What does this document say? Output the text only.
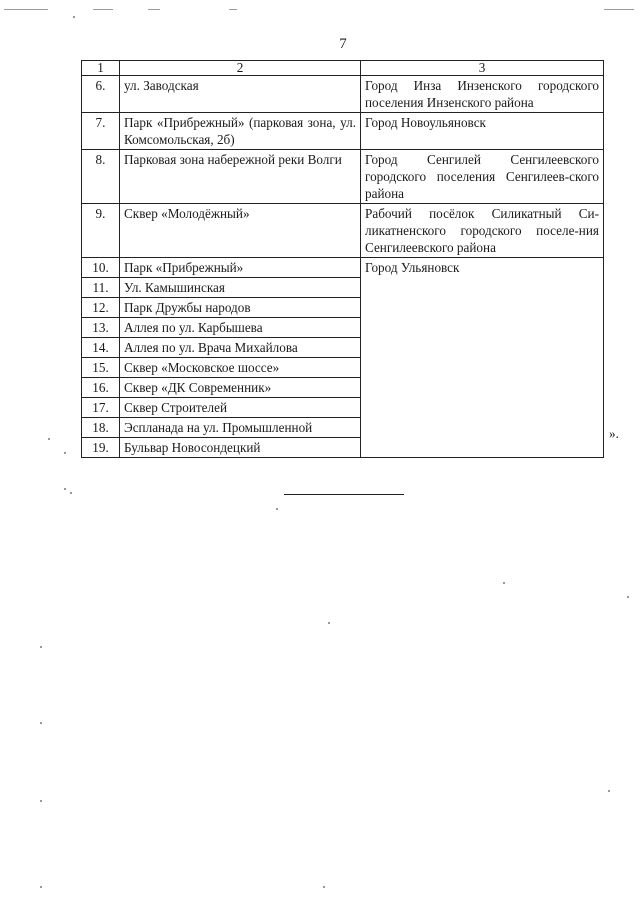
7
1	2	3
6.	ул. Заводская	Город Инза Инзенского городского поселения Инзенского района
7.	Парк «Прибрежный» (парковая зона, ул. Комсомольская, 2б)	Город Новоульяновск
8.	Парковая зона набережной реки Волги	Город Сенгилей Сенгилеевского городского поселения Сенгилеев-ского района
9.	Сквер «Молодёжный»	Рабочий посёлок Силикатный Си-ликатненского городского поселе-ния Сенгилеевского района
10.	Парк «Прибрежный»	Город Ульяновск
11.	Ул. Камышинская	
12.	Парк Дружбы народов	
13.	Аллея по ул. Карбышева	
14.	Аллея по ул. Врача Михайлова	
15.	Сквер «Московское шоссе»	
16.	Сквер «ДК Современник»	
17.	Сквер Строителей	
18.	Эспланада на ул. Промышленной	
19.	Бульвар Новосондецкий	
».
